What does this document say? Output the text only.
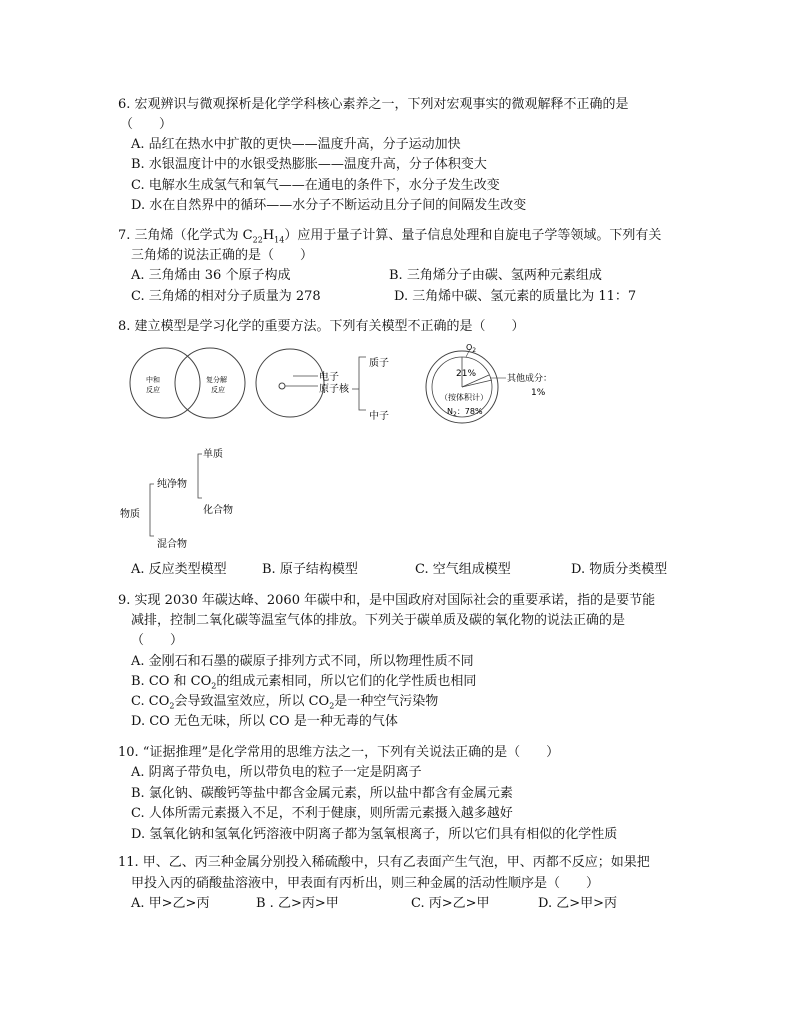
6. 宏观辨识与微观探析是化学学科核心素养之一，下列对宏观事实的微观解释不正确的是
（　　）
A. 品红在热水中扩散的更快——温度升高，分子运动加快
B. 水银温度计中的水银受热膨胀——温度升高，分子体积变大
C. 电解水生成氢气和氧气——在通电的条件下，水分子发生改变
D. 水在自然界中的循环——水分子不断运动且分子间的间隔发生改变
7. 三角烯（化学式为 $C_{22}H_{14}$）应用于量子计算、量子信息处理和自旋电子学等领域。下列有关
三角烯的说法正确的是（　　）
A. 三角烯由 36 个原子构成	B. 三角烯分子由碳、氢两种元素组成
C. 三角烯的相对分子质量为 278	D. 三角烯中碳、氢元素的质量比为 11：7
8. 建立模型是学习化学的重要方法。下列有关模型不正确的是（　　）
中和
反应
复分解
反应
电子
原子核
质子
中子
$O_2$
21%	其他成分：
1%
（按体积计）
$N_2$：78%
物质
纯净物
混合物
单质
化合物
A. 反应类型模型	B. 原子结构模型	C. 空气组成模型	D. 物质分类模型
9. 实现 2030 年碳达峰、2060 年碳中和，是中国政府对国际社会的重要承诺，指的是要节能
减排，控制二氧化碳等温室气体的排放。下列关于碳单质及碳的氧化物的说法正确的是
（　　）
A. 金刚石和石墨的碳原子排列方式不同，所以物理性质不同
B. CO 和 $CO_2$的组成元素相同，所以它们的化学性质也相同
C. $CO_2$会导致温室效应，所以 $CO_2$是一种空气污染物
D. CO 无色无味，所以 CO 是一种无毒的气体
10. “证据推理”是化学常用的思维方法之一，下列有关说法正确的是（　　）
A. 阴离子带负电，所以带负电的粒子一定是阴离子
B. 氯化钠、碳酸钙等盐中都含金属元素，所以盐中都含有金属元素
C. 人体所需元素摄入不足，不利于健康，则所需元素摄入越多越好
D. 氢氧化钠和氢氧化钙溶液中阴离子都为氢氧根离子，所以它们具有相似的化学性质
11. 甲、乙、丙三种金属分别投入稀硫酸中，只有乙表面产生气泡，甲、丙都不反应；如果把
甲投入丙的硝酸盐溶液中，甲表面有丙析出，则三种金属的活动性顺序是（　　）
A. 甲>乙>丙	B . 乙>丙>甲	C. 丙>乙>甲	D. 乙>甲>丙
